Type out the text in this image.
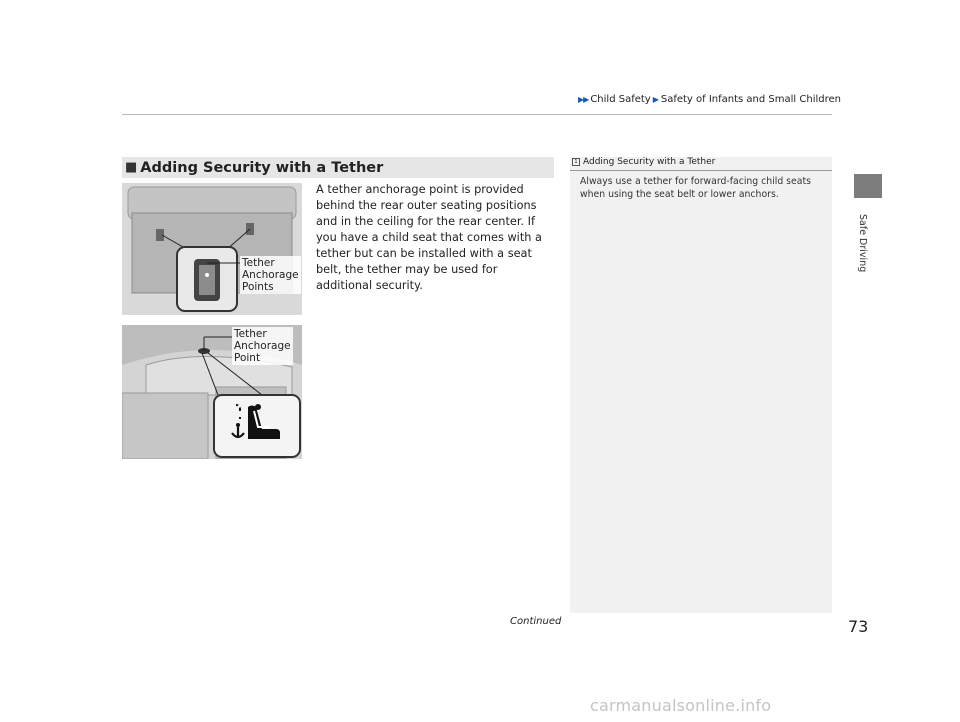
▶▶ Child Safety ▶ Safety of Infants and Small Children
Safe Driving
■ Adding Security with a Tether
Tether
Anchorage
Points
Tether
Anchorage
Point
A tether anchorage point is provided behind the rear outer seating positions and in the ceiling for the rear center. If you have a child seat that comes with a tether but can be installed with a seat belt, the tether may be used for additional security.
1 Adding Security with a Tether
Always use a tether for forward-facing child seats when using the seat belt or lower anchors.
Continued	73
carmanualsonline.info
